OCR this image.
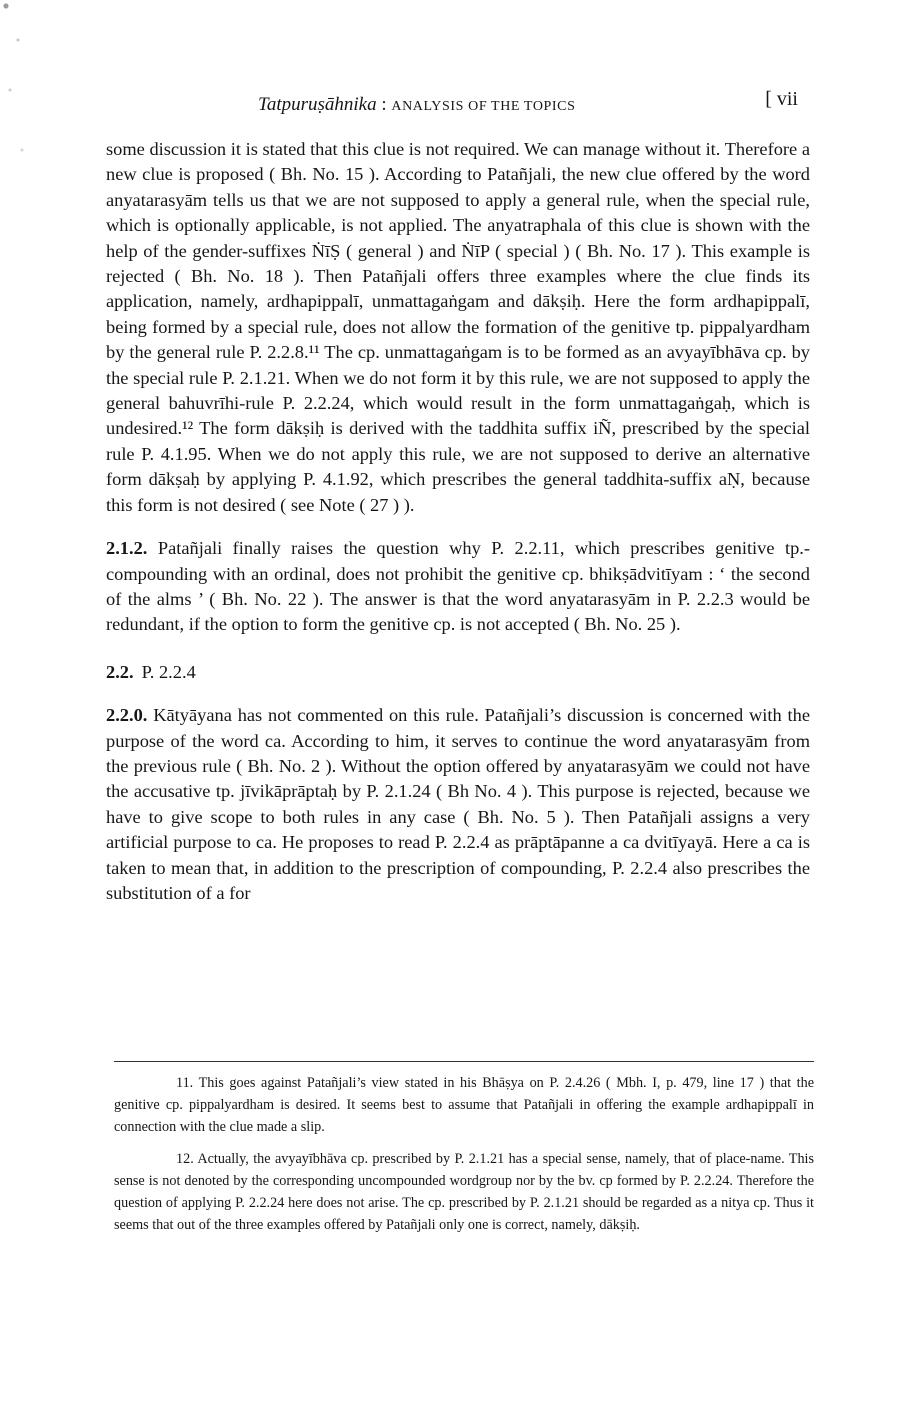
Tatpuruṣāhnika : ANALYSIS OF THE TOPICS	[ vii

some discussion it is stated that this clue is not required. We can manage without it. Therefore a new clue is proposed ( Bh. No. 15 ). According to Patañjali, the new clue offered by the word anyatarasyām tells us that we are not supposed to apply a general rule, when the special rule, which is optionally applicable, is not applied. The anyatraphala of this clue is shown with the help of the gender-suffixes ṄīṢ ( general ) and ṄīP ( special ) ( Bh. No. 17 ). This example is rejected ( Bh. No. 18 ). Then Patañjali offers three examples where the clue finds its application, namely, ardhapippalī, unmattagaṅgam and dākṣiḥ. Here the form ardhapippalī, being formed by a special rule, does not allow the formation of the genitive tp. pippalyardham by the general rule P. 2.2.8.¹¹ The cp. unmattagaṅgam is to be formed as an avyayībhāva cp. by the special rule P. 2.1.21. When we do not form it by this rule, we are not supposed to apply the general bahuvrīhi-rule P. 2.2.24, which would result in the form unmattagaṅgaḥ, which is undesired.¹² The form dākṣiḥ is derived with the taddhita suffix iÑ, prescribed by the special rule P. 4.1.95. When we do not apply this rule, we are not supposed to derive an alternative form dākṣaḥ by applying P. 4.1.92, which prescribes the general taddhita-suffix aṆ, because this form is not desired ( see Note ( 27 ) ).

2.1.2. Patañjali finally raises the question why P. 2.2.11, which prescribes genitive tp.-compounding with an ordinal, does not prohibit the genitive cp. bhikṣādvitīyam : ‘ the second of the alms ’ ( Bh. No. 22 ). The answer is that the word anyatarasyām in P. 2.2.3 would be redundant, if the option to form the genitive cp. is not accepted ( Bh. No. 25 ).

2.2. P. 2.2.4

2.2.0. Kātyāyana has not commented on this rule. Patañjali’s discussion is concerned with the purpose of the word ca. According to him, it serves to continue the word anyatarasyām from the previous rule ( Bh. No. 2 ). Without the option offered by anyatarasyām we could not have the accusative tp. jīvikāprāptaḥ by P. 2.1.24 ( Bh No. 4 ). This purpose is rejected, because we have to give scope to both rules in any case ( Bh. No. 5 ). Then Patañjali assigns a very artificial purpose to ca. He proposes to read P. 2.2.4 as prāptāpanne a ca dvitīyayā. Here a ca is taken to mean that, in addition to the prescription of compounding, P. 2.2.4 also prescribes the substitution of a for

11. This goes against Patañjali’s view stated in his Bhāṣya on P. 2.4.26 ( Mbh. I, p. 479, line 17 ) that the genitive cp. pippalyardham is desired. It seems best to assume that Patañjali in offering the example ardhapippalī in connection with the clue made a slip.

12. Actually, the avyayībhāva cp. prescribed by P. 2.1.21 has a special sense, namely, that of place-name. This sense is not denoted by the corresponding uncompounded wordgroup nor by the bv. cp formed by P. 2.2.24. Therefore the question of applying P. 2.2.24 here does not arise. The cp. prescribed by P. 2.1.21 should be regarded as a nitya cp. Thus it seems that out of the three examples offered by Patañjali only one is correct, namely, dākṣiḥ.
